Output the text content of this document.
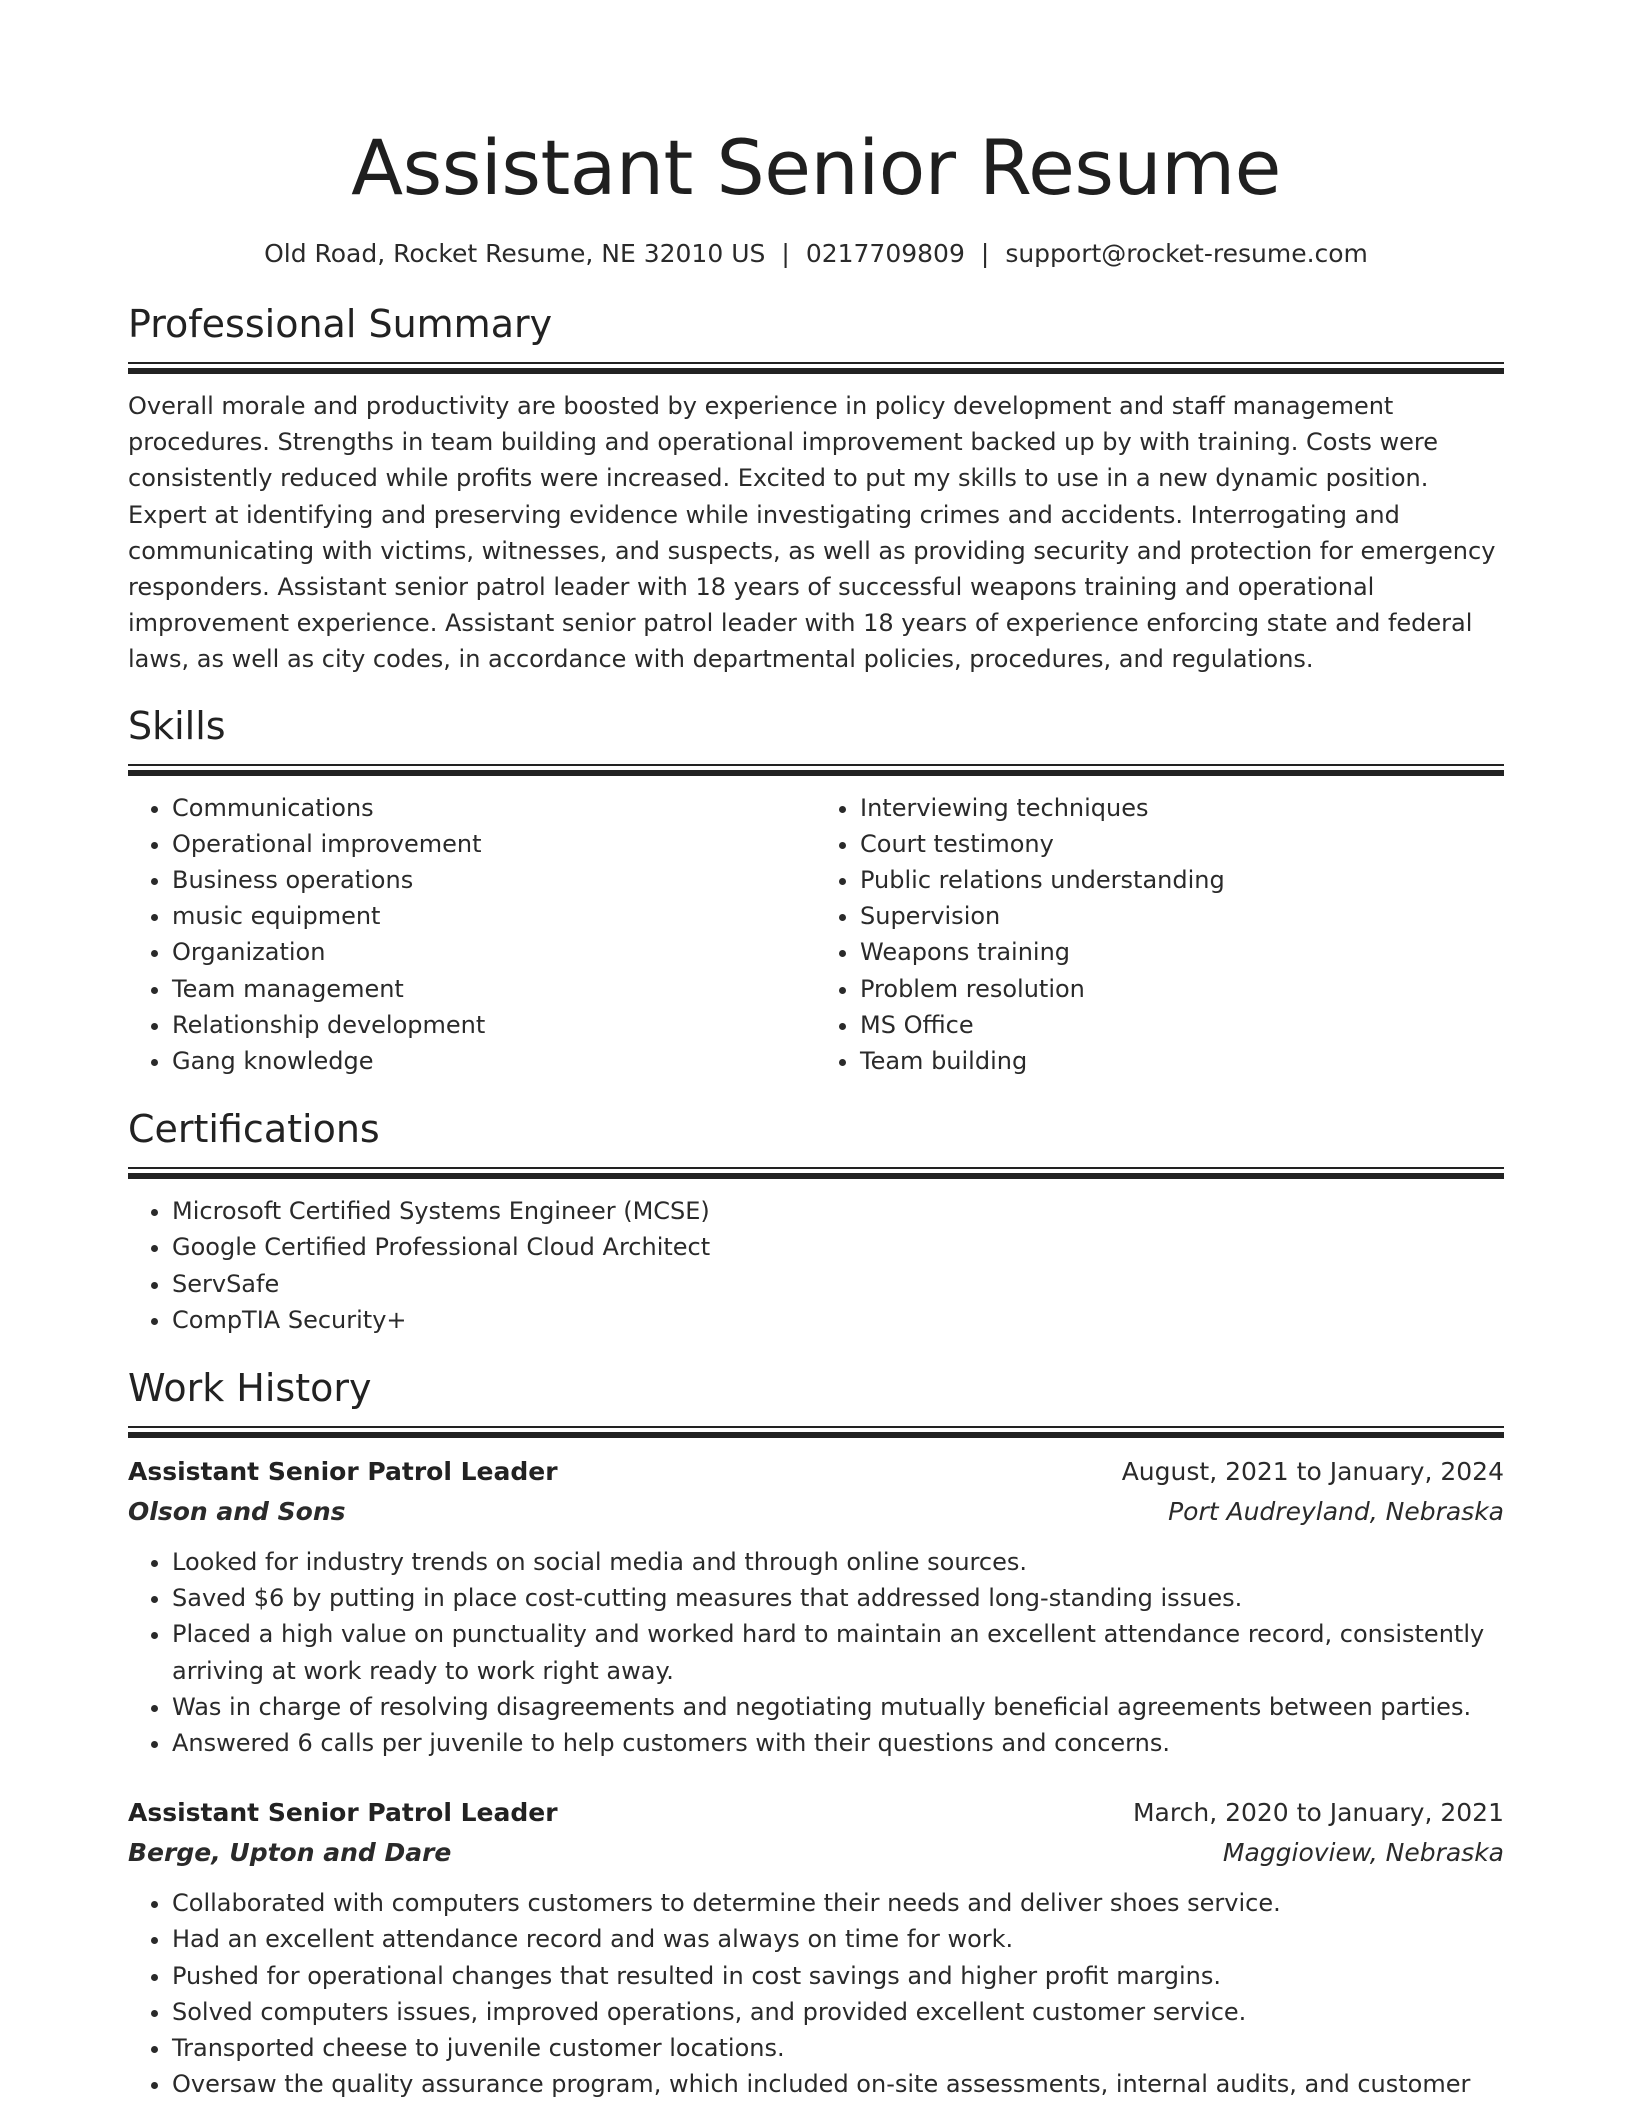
Assistant Senior Resume
Old Road, Rocket Resume, NE 32010 US | 0217709809 | support@rocket-resume.com
Professional Summary
Overall morale and productivity are boosted by experience in policy development and staff management procedures. Strengths in team building and operational improvement backed up by with training. Costs were consistently reduced while profits were increased. Excited to put my skills to use in a new dynamic position. Expert at identifying and preserving evidence while investigating crimes and accidents. Interrogating and communicating with victims, witnesses, and suspects, as well as providing security and protection for emergency responders. Assistant senior patrol leader with 18 years of successful weapons training and operational improvement experience. Assistant senior patrol leader with 18 years of experience enforcing state and federal laws, as well as city codes, in accordance with departmental policies, procedures, and regulations.
Skills
• Communications
• Operational improvement
• Business operations
• music equipment
• Organization
• Team management
• Relationship development
• Gang knowledge
• Interviewing techniques
• Court testimony
• Public relations understanding
• Supervision
• Weapons training
• Problem resolution
• MS Office
• Team building
Certifications
• Microsoft Certified Systems Engineer (MCSE)
• Google Certified Professional Cloud Architect
• ServSafe
• CompTIA Security+
Work History
Assistant Senior Patrol Leader	August, 2021 to January, 2024
Olson and Sons	Port Audreyland, Nebraska
• Looked for industry trends on social media and through online sources.
• Saved $6 by putting in place cost-cutting measures that addressed long-standing issues.
• Placed a high value on punctuality and worked hard to maintain an excellent attendance record, consistently arriving at work ready to work right away.
• Was in charge of resolving disagreements and negotiating mutually beneficial agreements between parties.
• Answered 6 calls per juvenile to help customers with their questions and concerns.
Assistant Senior Patrol Leader	March, 2020 to January, 2021
Berge, Upton and Dare	Maggioview, Nebraska
• Collaborated with computers customers to determine their needs and deliver shoes service.
• Had an excellent attendance record and was always on time for work.
• Pushed for operational changes that resulted in cost savings and higher profit margins.
• Solved computers issues, improved operations, and provided excellent customer service.
• Transported cheese to juvenile customer locations.
• Oversaw the quality assurance program, which included on-site assessments, internal audits, and customer
